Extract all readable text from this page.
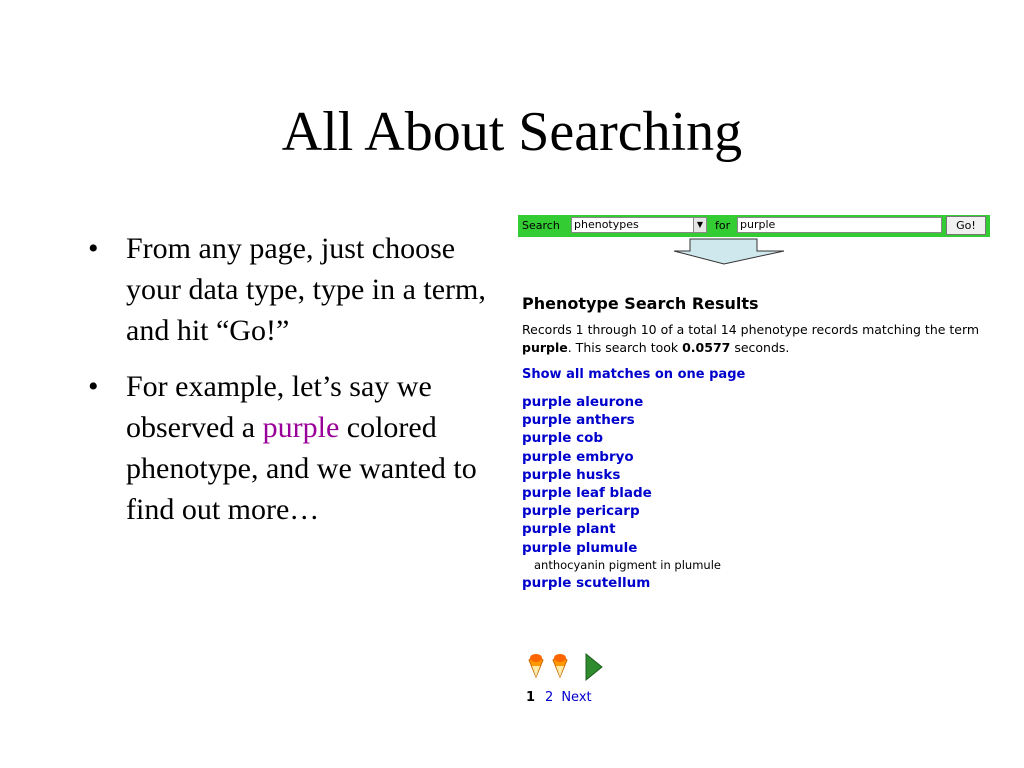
All About Searching
• From any page, just choose your data type, type in a term, and hit “Go!”
• For example, let’s say we observed a purple colored phenotype, and we wanted to find out more…
Search phenotypes	▼ for purple	Go!
Phenotype Search Results
Records 1 through 10 of a total 14 phenotype records matching the term purple. This search took 0.0577 seconds.
Show all matches on one page
purple aleurone
purple anthers
purple cob
purple embryo
purple husks
purple leaf blade
purple pericarp
purple plant
purple plumule
anthocyanin pigment in plumule
purple scutellum
1 2 Next
